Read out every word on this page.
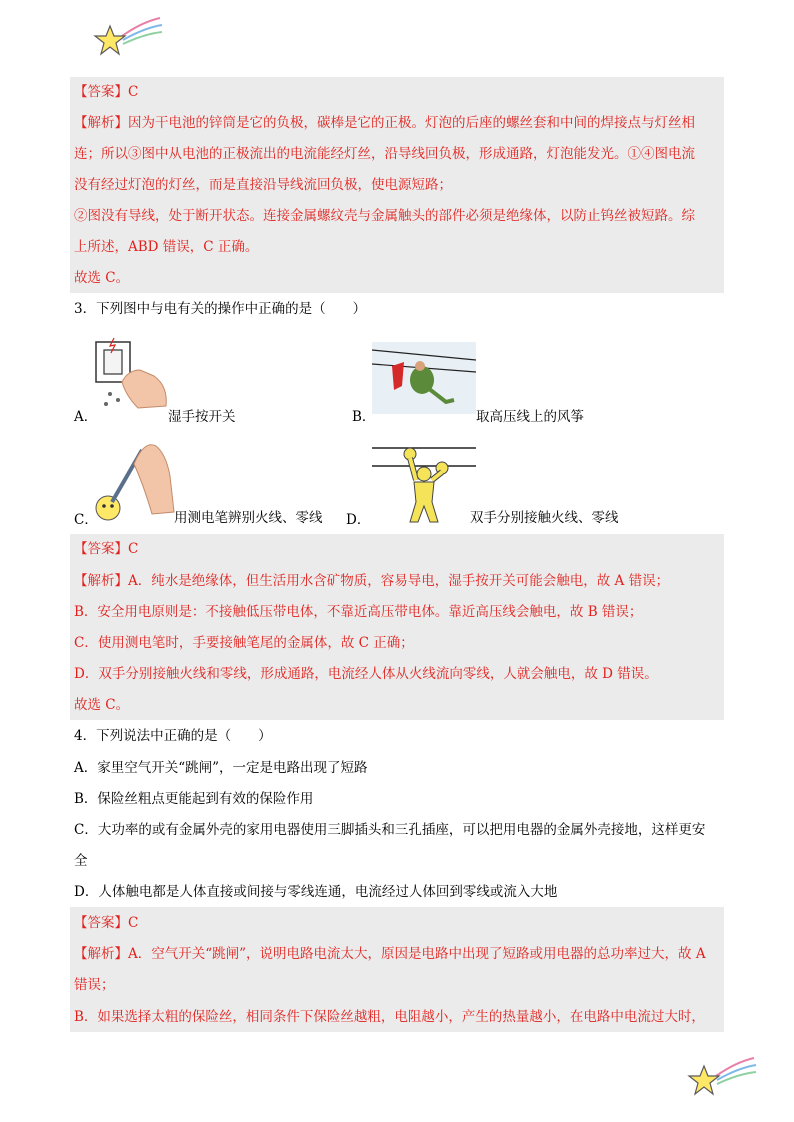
【答案】C
【解析】因为干电池的锌筒是它的负极，碳棒是它的正极。灯泡的后座的螺丝套和中间的焊接点与灯丝相
连；所以③图中从电池的正极流出的电流能经灯丝，沿导线回负极，形成通路，灯泡能发光。①④图电流
没有经过灯泡的灯丝，而是直接沿导线流回负极，使电源短路；
②图没有导线，处于断开状态。连接金属螺纹壳与金属触头的部件必须是绝缘体，以防止钨丝被短路。综
上所述，ABD 错误，C 正确。
故选 C。
3．下列图中与电有关的操作中正确的是（　　）
A．	湿手按开关	B．	取高压线上的风筝
C．	用测电笔辨别火线、零线 D．	双手分别接触火线、零线
【答案】C
【解析】A．纯水是绝缘体，但生活用水含矿物质，容易导电，湿手按开关可能会触电，故 A 错误；
B．安全用电原则是：不接触低压带电体，不靠近高压带电体。靠近高压线会触电，故 B 错误；
C．使用测电笔时，手要接触笔尾的金属体，故 C 正确；
D．双手分别接触火线和零线，形成通路，电流经人体从火线流向零线，人就会触电，故 D 错误。
故选 C。
4．下列说法中正确的是（　　）
A．家里空气开关“跳闸”，一定是电路出现了短路
B．保险丝粗点更能起到有效的保险作用
C．大功率的或有金属外壳的家用电器使用三脚插头和三孔插座，可以把用电器的金属外壳接地，这样更安
全
D．人体触电都是人体直接或间接与零线连通，电流经过人体回到零线或流入大地
【答案】C
【解析】A．空气开关“跳闸”，说明电路电流太大，原因是电路中出现了短路或用电器的总功率过大，故 A
错误；
B．如果选择太粗的保险丝，相同条件下保险丝越粗，电阻越小，产生的热量越小，在电路中电流过大时，
